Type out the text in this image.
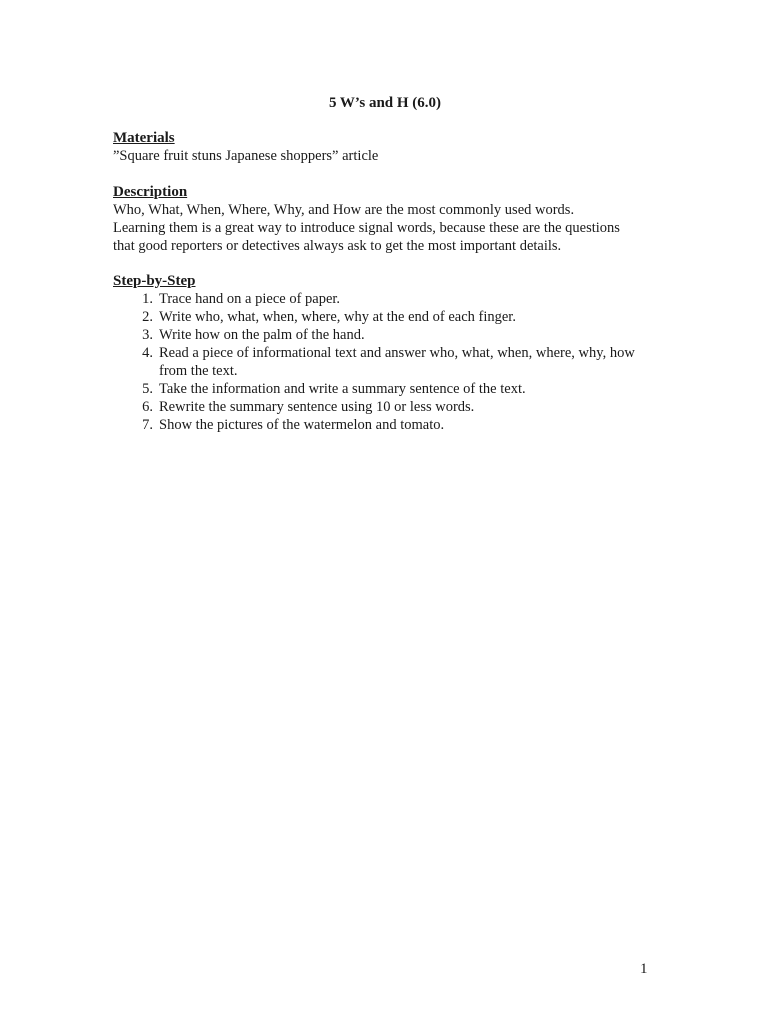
5 W’s and H (6.0)
Materials
”Square fruit stuns Japanese shoppers” article
Description
Who, What, When, Where, Why, and How are the most commonly used words.
Learning them is a great way to introduce signal words, because these are the questions
that good reporters or detectives always ask to get the most important details.
Step-by-Step
1. Trace hand on a piece of paper.
2. Write who, what, when, where, why at the end of each finger.
3. Write how on the palm of the hand.
4. Read a piece of informational text and answer who, what, when, where, why, how
from the text.
5. Take the information and write a summary sentence of the text.
6. Rewrite the summary sentence using 10 or less words.
7. Show the pictures of the watermelon and tomato.
1
